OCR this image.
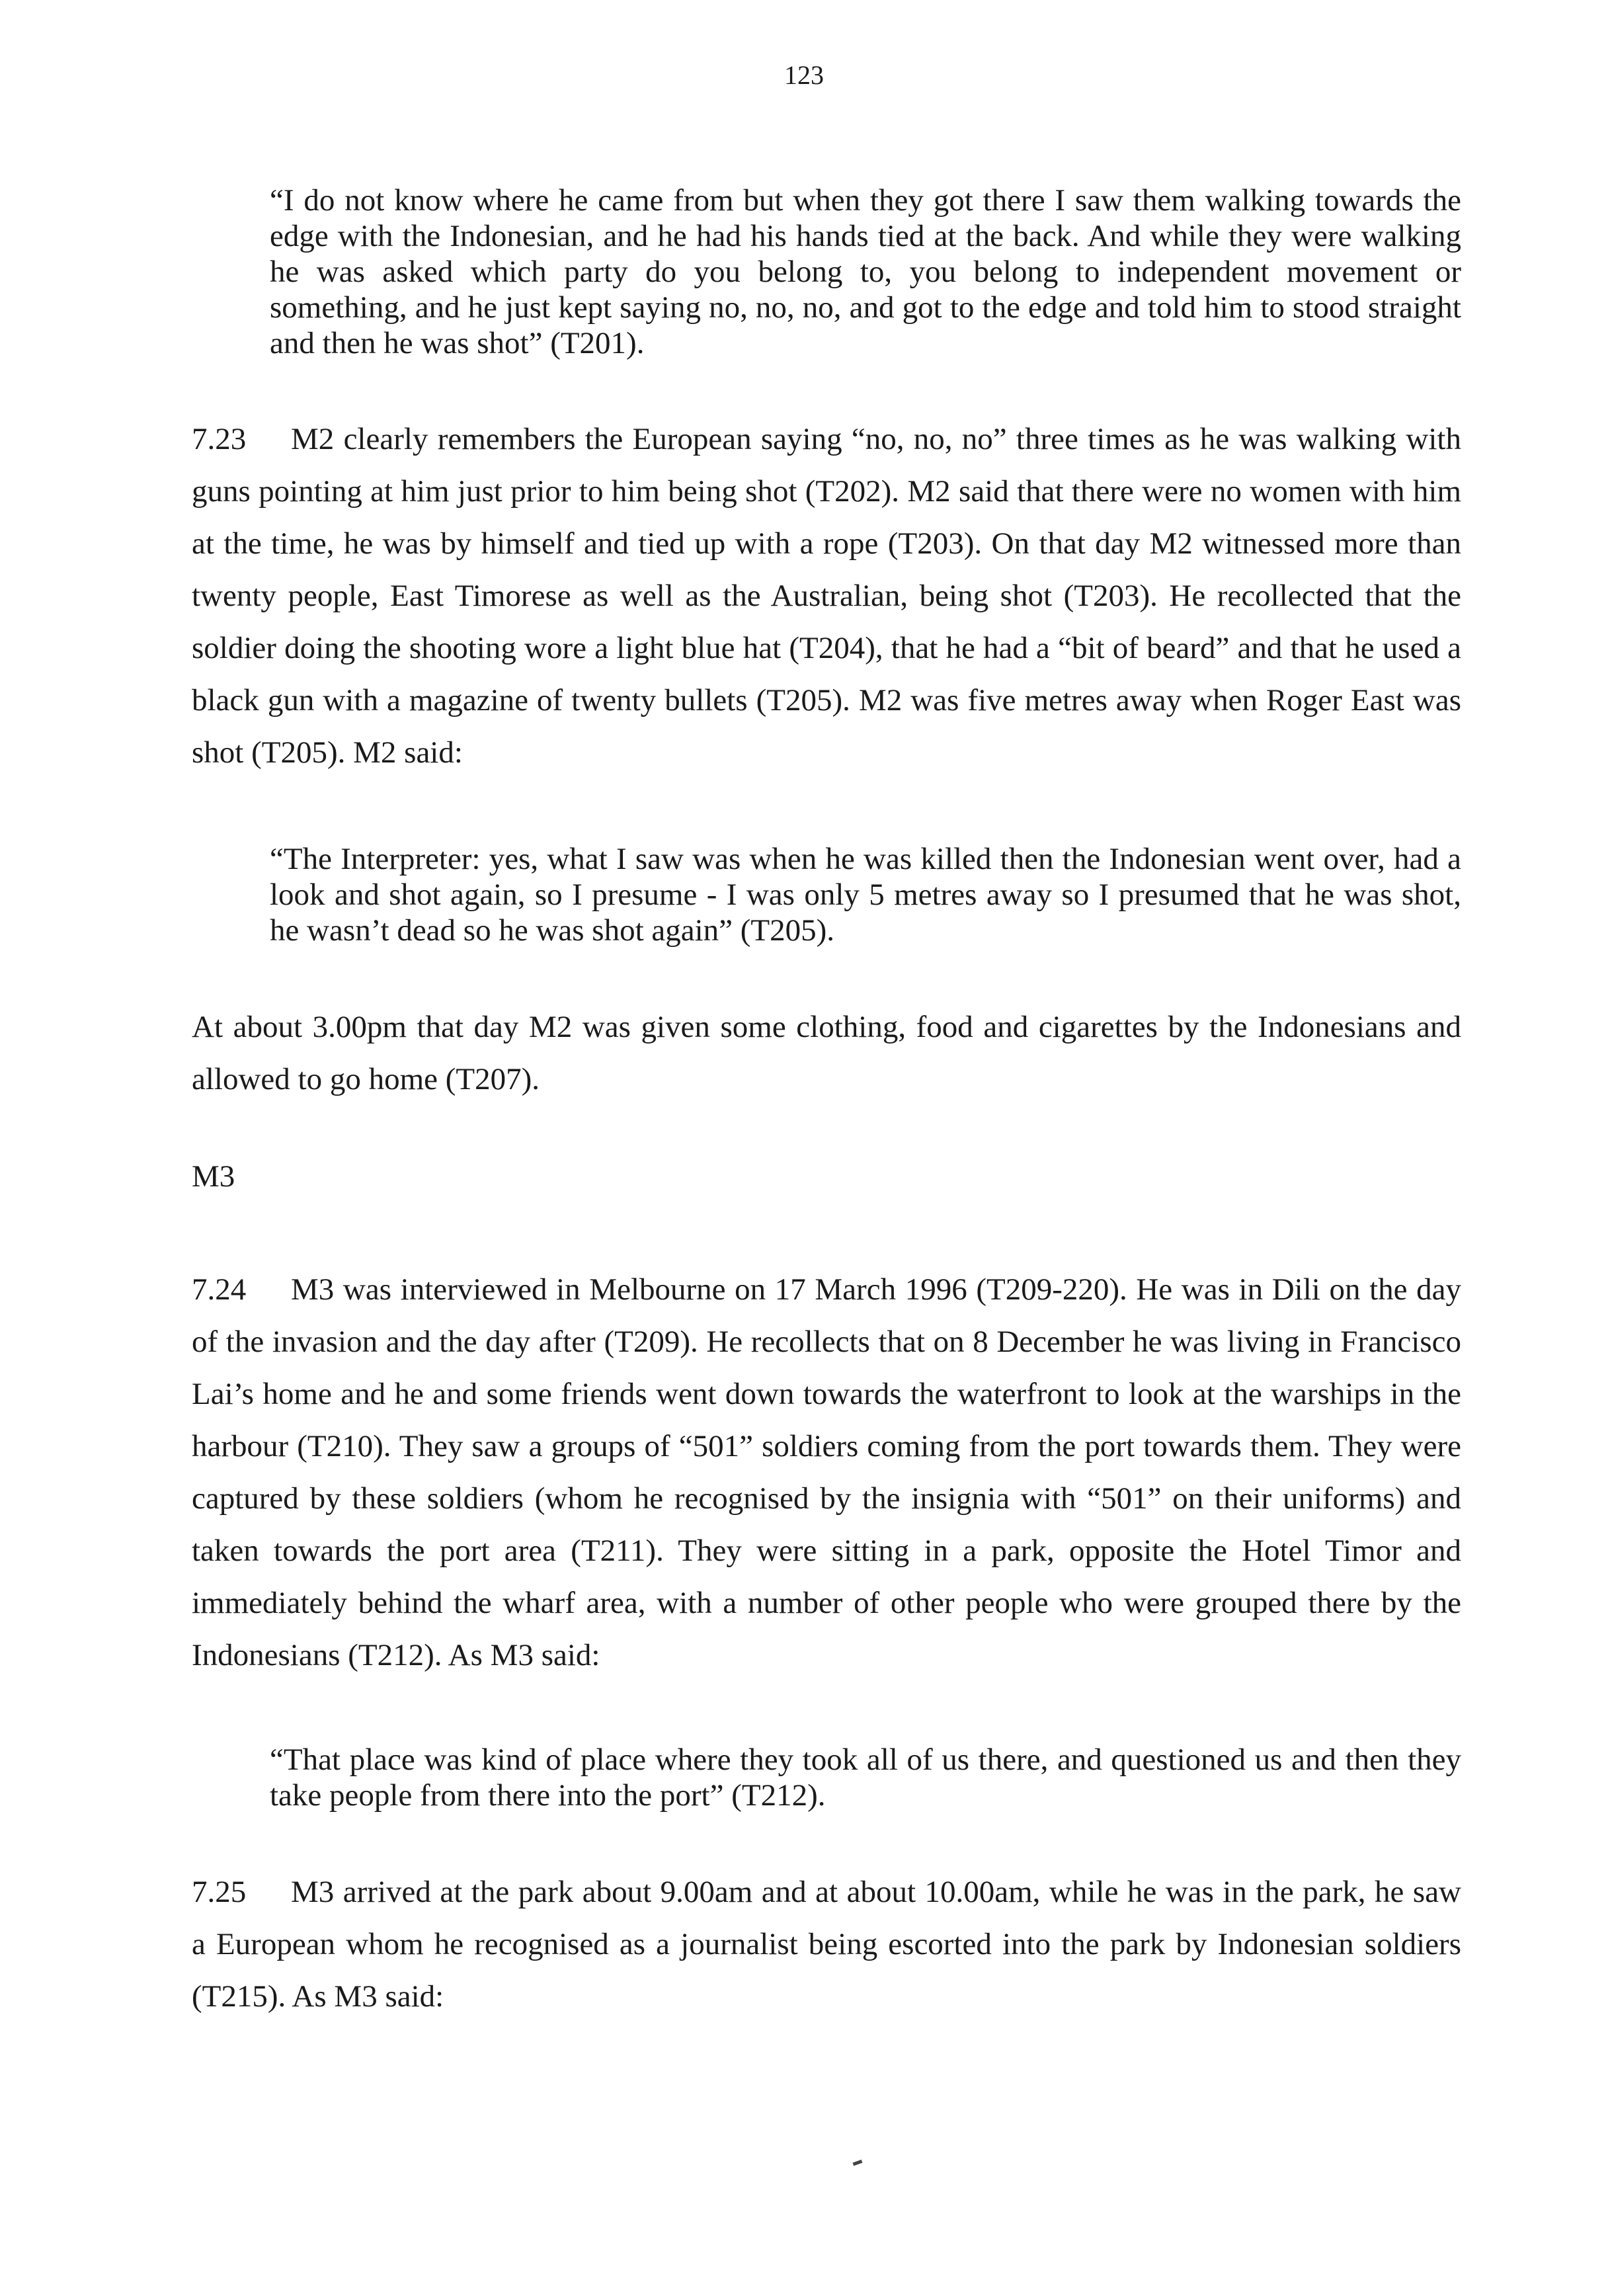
123

“I do not know where he came from but when they got there I saw them walking towards the edge with the Indonesian, and he had his hands tied at the back. And while they were walking he was asked which party do you belong to, you belong to independent movement or something, and he just kept saying no, no, no, and got to the edge and told him to stood straight and then he was shot” (T201).

7.23 M2 clearly remembers the European saying “no, no, no” three times as he was walking with guns pointing at him just prior to him being shot (T202). M2 said that there were no women with him at the time, he was by himself and tied up with a rope (T203). On that day M2 witnessed more than twenty people, East Timorese as well as the Australian, being shot (T203). He recollected that the soldier doing the shooting wore a light blue hat (T204), that he had a “bit of beard” and that he used a black gun with a magazine of twenty bullets (T205). M2 was five metres away when Roger East was shot (T205). M2 said:

“The Interpreter: yes, what I saw was when he was killed then the Indonesian went over, had a look and shot again, so I presume - I was only 5 metres away so I presumed that he was shot, he wasn’t dead so he was shot again” (T205).

At about 3.00pm that day M2 was given some clothing, food and cigarettes by the Indonesians and allowed to go home (T207).

M3

7.24 M3 was interviewed in Melbourne on 17 March 1996 (T209-220). He was in Dili on the day of the invasion and the day after (T209). He recollects that on 8 December he was living in Francisco Lai’s home and he and some friends went down towards the waterfront to look at the warships in the harbour (T210). They saw a groups of “501” soldiers coming from the port towards them. They were captured by these soldiers (whom he recognised by the insignia with “501” on their uniforms) and taken towards the port area (T211). They were sitting in a park, opposite the Hotel Timor and immediately behind the wharf area, with a number of other people who were grouped there by the Indonesians (T212). As M3 said:

“That place was kind of place where they took all of us there, and questioned us and then they take people from there into the port” (T212).

7.25 M3 arrived at the park about 9.00am and at about 10.00am, while he was in the park, he saw a European whom he recognised as a journalist being escorted into the park by Indonesian soldiers (T215). As M3 said:
